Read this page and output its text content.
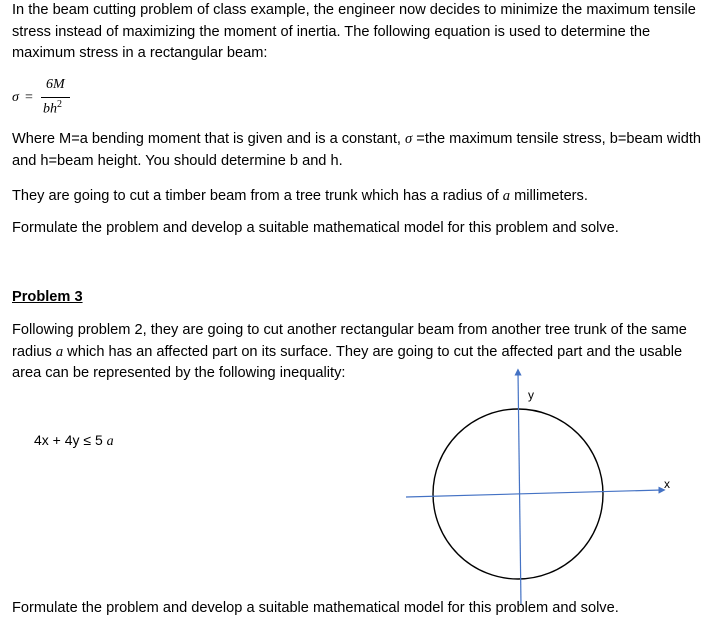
In the beam cutting problem of class example, the engineer now decides to minimize the maximum tensile stress instead of maximizing the moment of inertia. The following equation is used to determine the maximum stress in a rectangular beam:

σ =
6M
$bh^2$

Where M=a bending moment that is given and is a constant, σ =the maximum tensile stress, b=beam width and h=beam height. You should determine b and h.

They are going to cut a timber beam from a tree trunk which has a radius of a millimeters.

Formulate the problem and develop a suitable mathematical model for this problem and solve.

Problem 3

Following problem 2, they are going to cut another rectangular beam from another tree trunk of the same radius a which has an affected part on its surface. They are going to cut the affected part and the usable area can be represented by the following inequality:

4x + 4y ≤ 5 a
y
x

Formulate the problem and develop a suitable mathematical model for this problem and solve.
